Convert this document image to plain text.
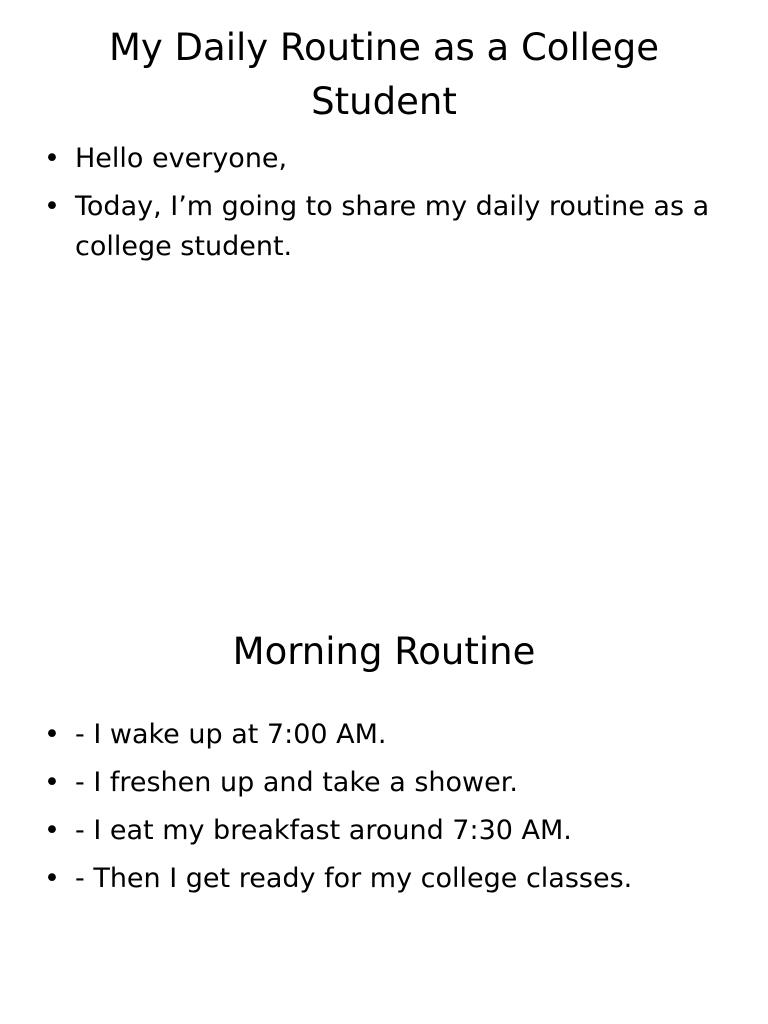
My Daily Routine as a College Student
• Hello everyone,
• Today, I’m going to share my daily routine as a college student.
Morning Routine
• - I wake up at 7:00 AM.
• - I freshen up and take a shower.
• - I eat my breakfast around 7:30 AM.
• - Then I get ready for my college classes.
